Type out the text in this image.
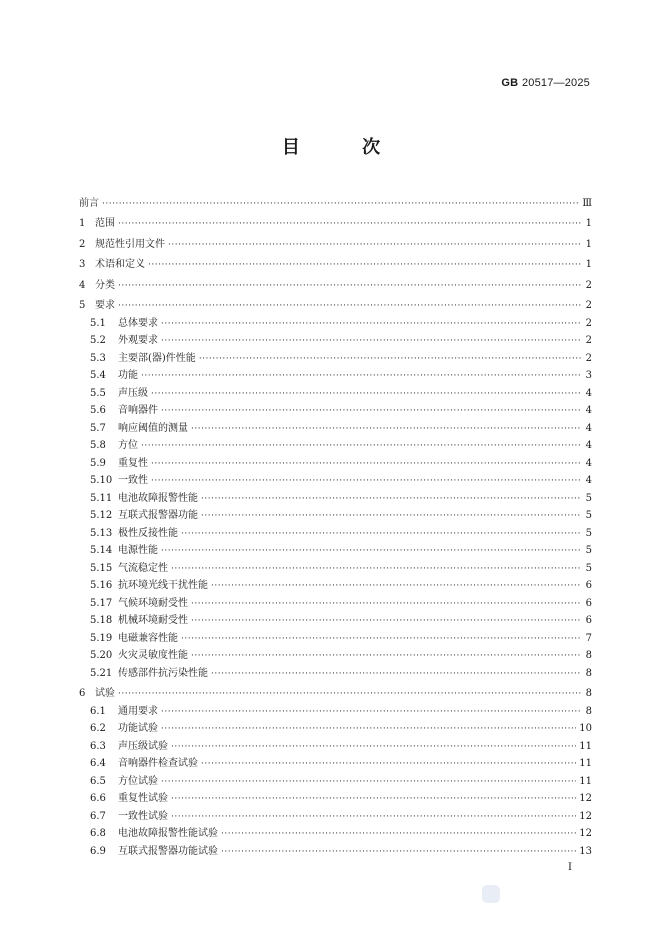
GB 20517—2025
目 次
前言 ·····	Ⅲ
1 范围 ·····	1
2 规范性引用文件 ·····	1
3 术语和定义 ·····	1
4 分类 ·····	2
5 要求 ·····	2
5.1	总体要求 ·····	2
5.2	外观要求 ·····	2
5.3	主要部(器)件性能 ·····	2
5.4	功能 ·····	3
5.5	声压级 ·····	4
5.6	音响器件 ·····	4
5.7	响应阈值的测量 ·····	4
5.8	方位 ·····	4
5.9	重复性 ·····	4
5.10 一致性 ·····	4
5.11 电池故障报警性能 ·····	5
5.12 互联式报警器功能 ·····	5
5.13 极性反接性能 ·····	5
5.14 电源性能 ·····	5
5.15 气流稳定性 ·····	5
5.16 抗环境光线干扰性能 ·····	6
5.17 气候环境耐受性 ·····	6
5.18 机械环境耐受性 ·····	6
5.19 电磁兼容性能 ·····	7
5.20 火灾灵敏度性能 ·····	8
5.21 传感部件抗污染性能 ·····	8
6 试验 ·····	8
6.1	通用要求 ·····	8
6.2	功能试验 ·····	10
6.3	声压级试验 ·····	11
6.4	音响器件检查试验 ·····	11
6.5	方位试验 ·····	11
6.6	重复性试验 ·····	12
6.7	一致性试验 ·····	12
6.8	电池故障报警性能试验 ·····	12
6.9	互联式报警器功能试验 ·····	13
I
